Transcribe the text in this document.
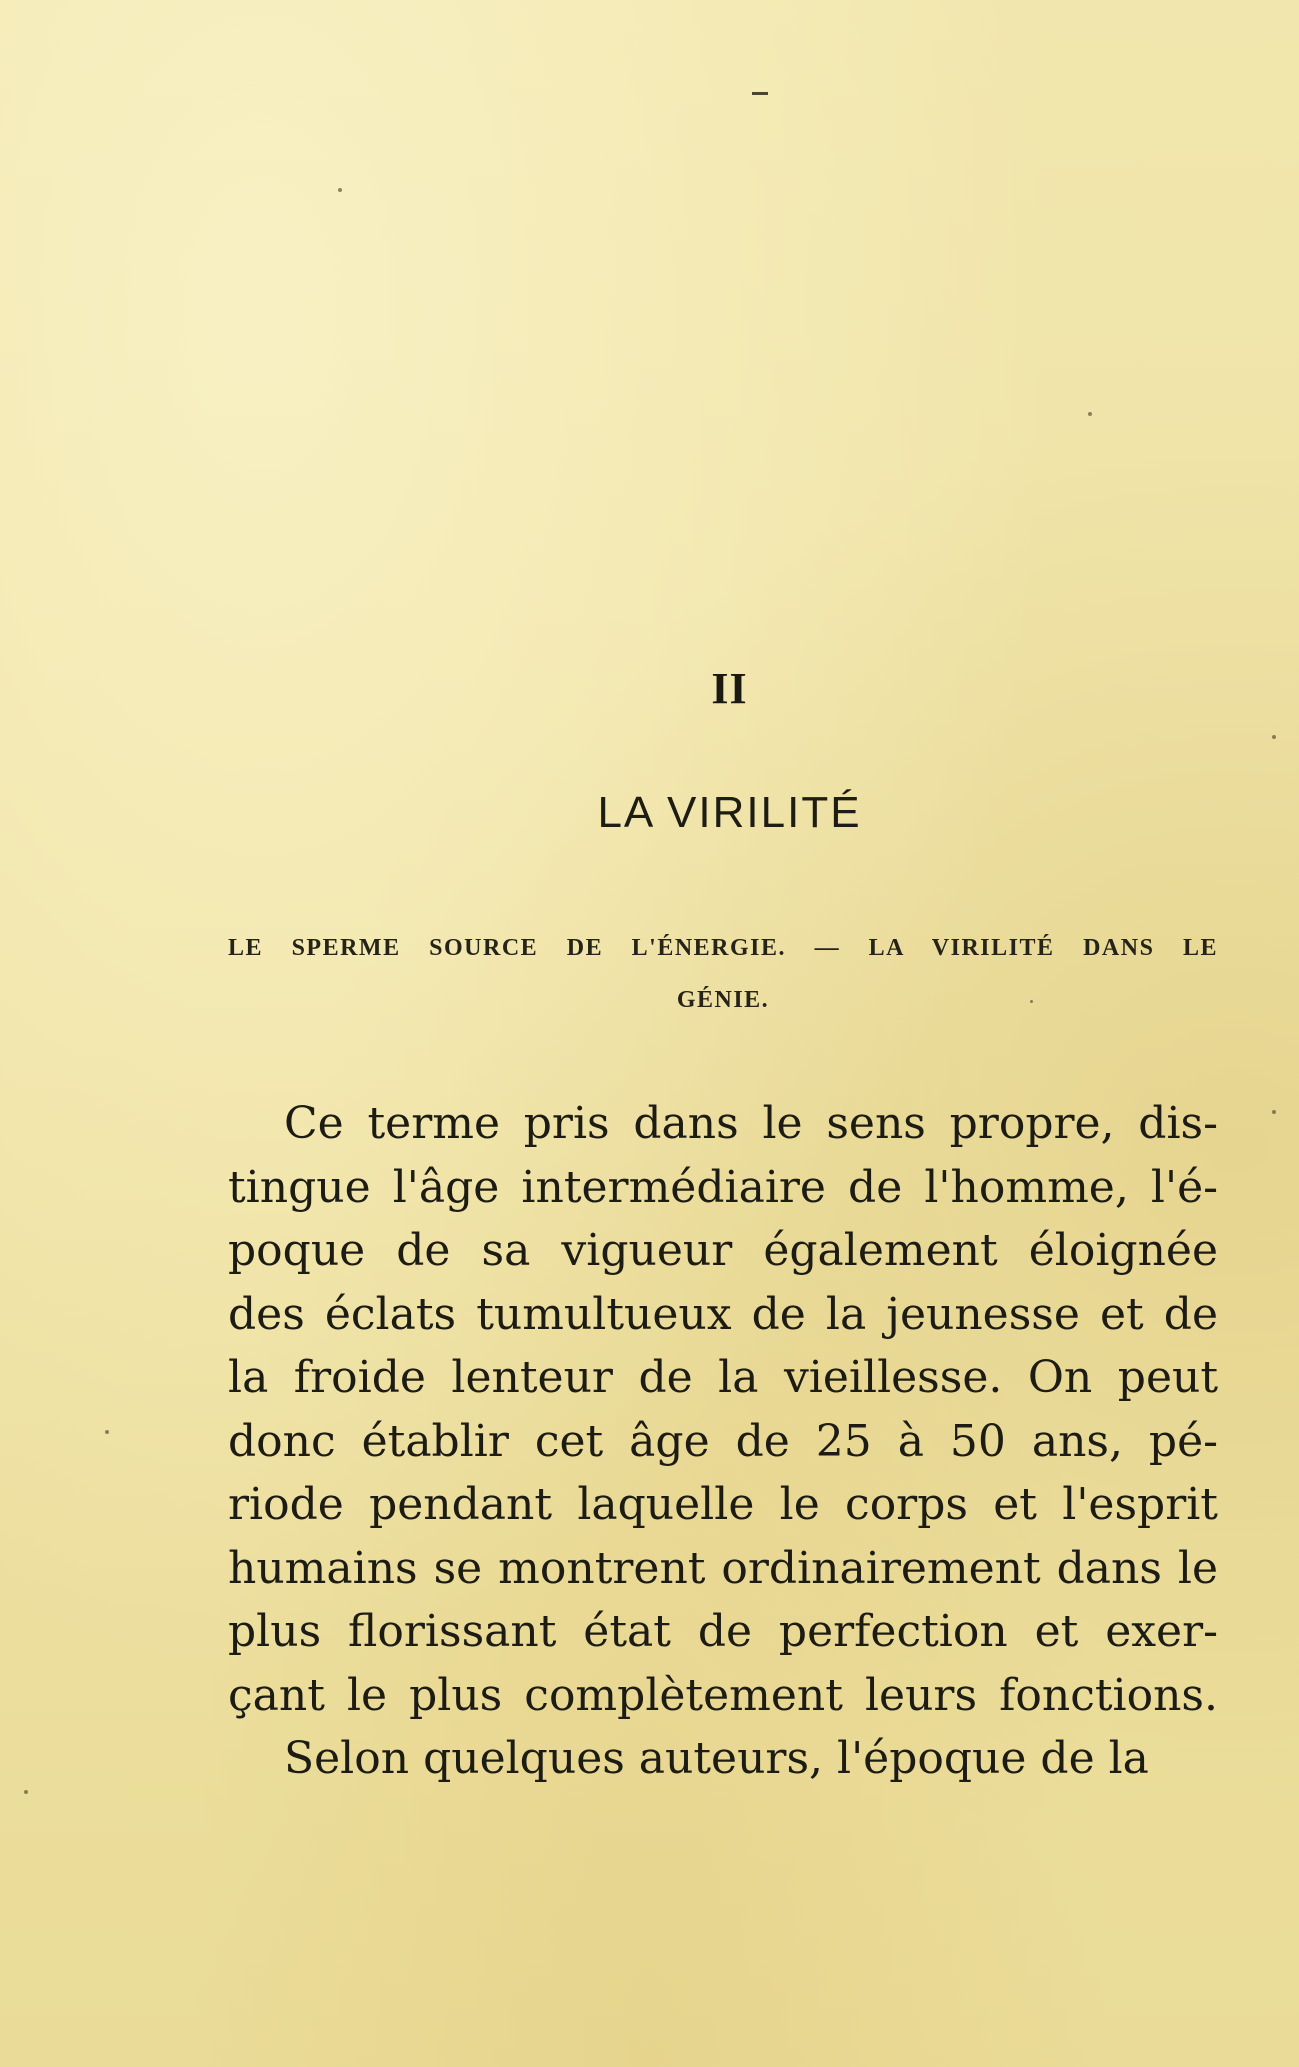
II
LA VIRILITÉ
LE SPERME SOURCE DE L'ÉNERGIE. — LA VIRILITÉ DANS LE
GÉNIE.
Ce terme pris dans le sens propre, dis-
tingue l'âge intermédiaire de l'homme, l'é-
poque de sa vigueur également éloignée
des éclats tumultueux de la jeunesse et de
la froide lenteur de la vieillesse. On peut
donc établir cet âge de 25 à 50 ans, pé-
riode pendant laquelle le corps et l'esprit
humains se montrent ordinairement dans le
plus florissant état de perfection et exer-
çant le plus complètement leurs fonctions.
Selon quelques auteurs, l'époque de la
